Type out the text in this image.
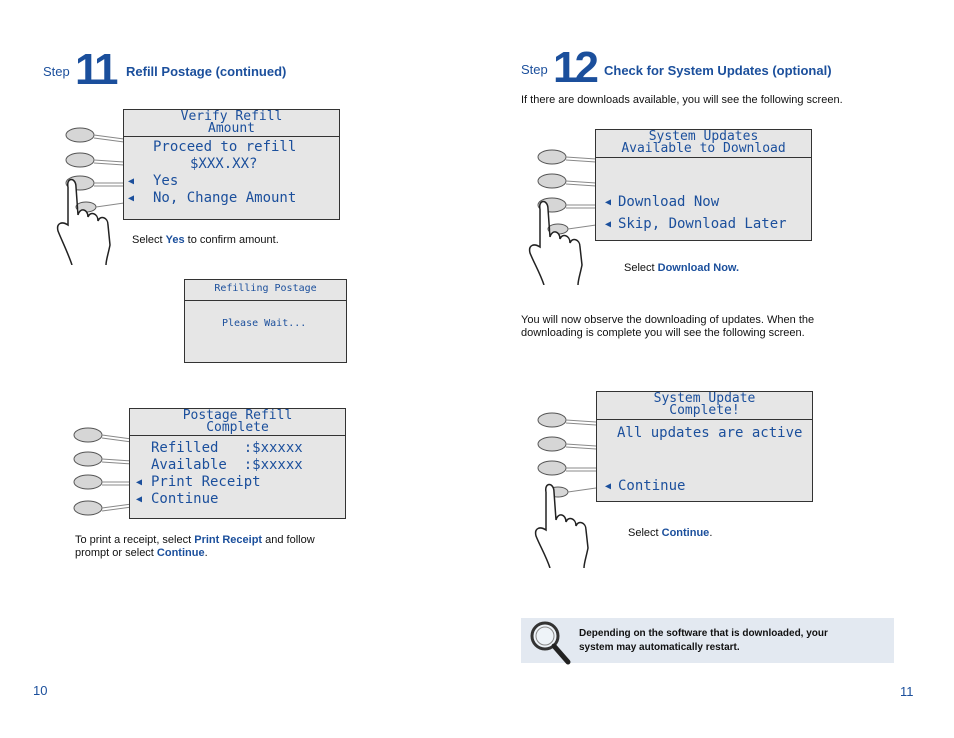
Step 11 Refill Postage (continued)
Verify Refill
Amount
Proceed to refill
$XXX.XX?
◀ Yes
◀ No, Change Amount
Select Yes to confirm amount.
Refilling Postage
Please Wait...
Postage Refill
Complete
Refilled   :$xxxxx
Available  :$xxxxx
◀ Print Receipt
◀ Continue
To print a receipt, select Print Receipt and follow
prompt or select Continue.
10
Step 12 Check for System Updates (optional)
If there are downloads available, you will see the following screen.
System Updates
Available to Download
◀ Download Now
◀ Skip, Download Later
Select Download Now.
You will now observe the downloading of updates. When the
downloading is complete you will see the following screen.
System Update
Complete!
All updates are active
◀ Continue
Select Continue.
Depending on the software that is downloaded, your
system may automatically restart.
11
